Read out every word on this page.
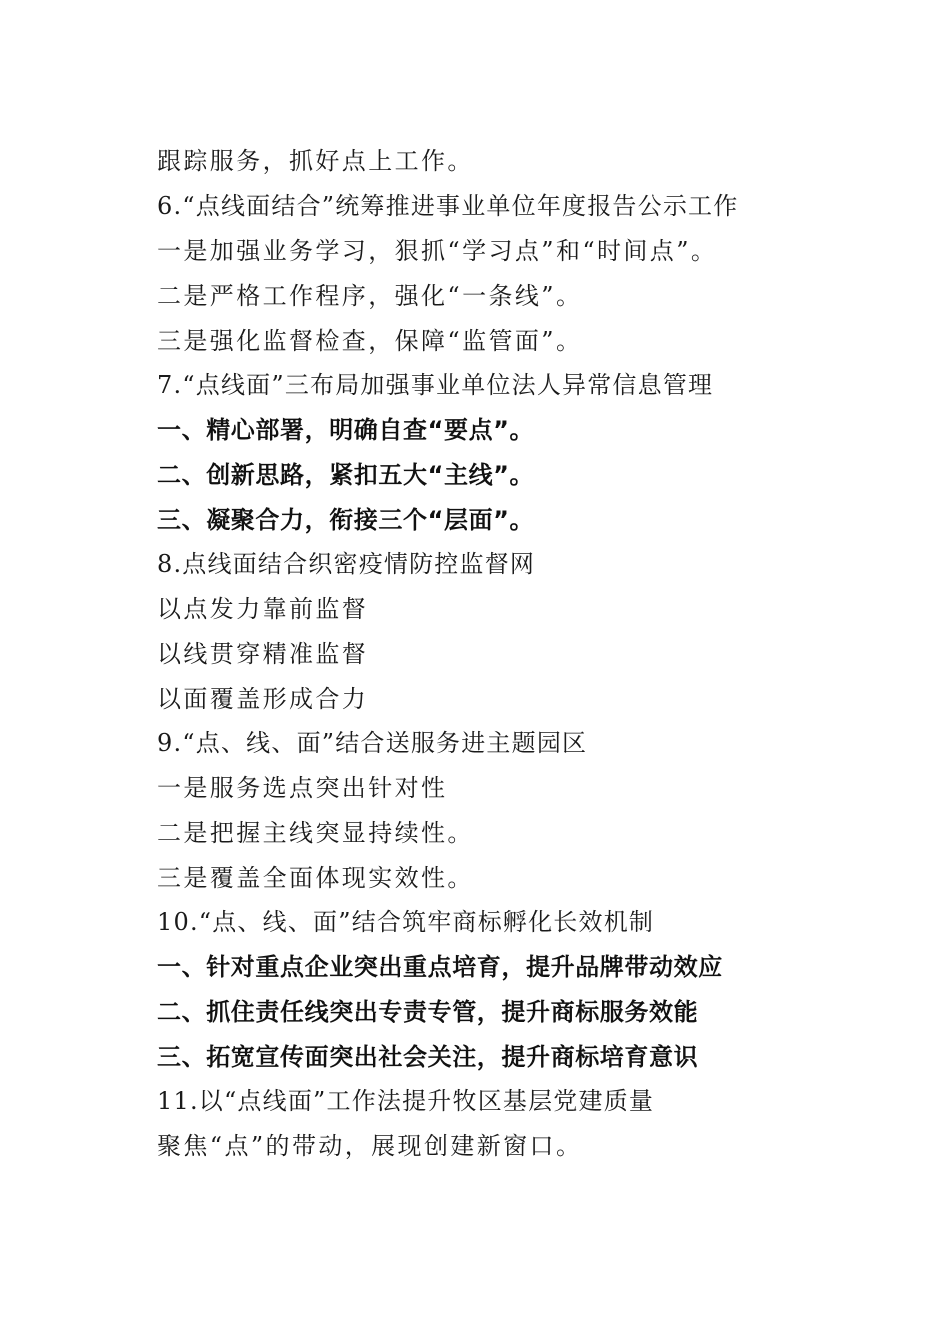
跟踪服务，抓好点上工作。
6.“点线面结合”统筹推进事业单位年度报告公示工作
一是加强业务学习，狠抓“学习点”和“时间点”。
二是严格工作程序，强化“一条线”。
三是强化监督检查，保障“监管面”。
7.“点线面”三布局加强事业单位法人异常信息管理
一、精心部署，明确自查“要点”。
二、创新思路，紧扣五大“主线”。
三、凝聚合力，衔接三个“层面”。
8.点线面结合织密疫情防控监督网
以点发力靠前监督
以线贯穿精准监督
以面覆盖形成合力
9.“点、线、面”结合送服务进主题园区
一是服务选点突出针对性
二是把握主线突显持续性。
三是覆盖全面体现实效性。
10.“点、线、面”结合筑牢商标孵化长效机制
一、针对重点企业突出重点培育，提升品牌带动效应
二、抓住责任线突出专责专管，提升商标服务效能
三、拓宽宣传面突出社会关注，提升商标培育意识
11.以“点线面”工作法提升牧区基层党建质量
聚焦“点”的带动，展现创建新窗口。
